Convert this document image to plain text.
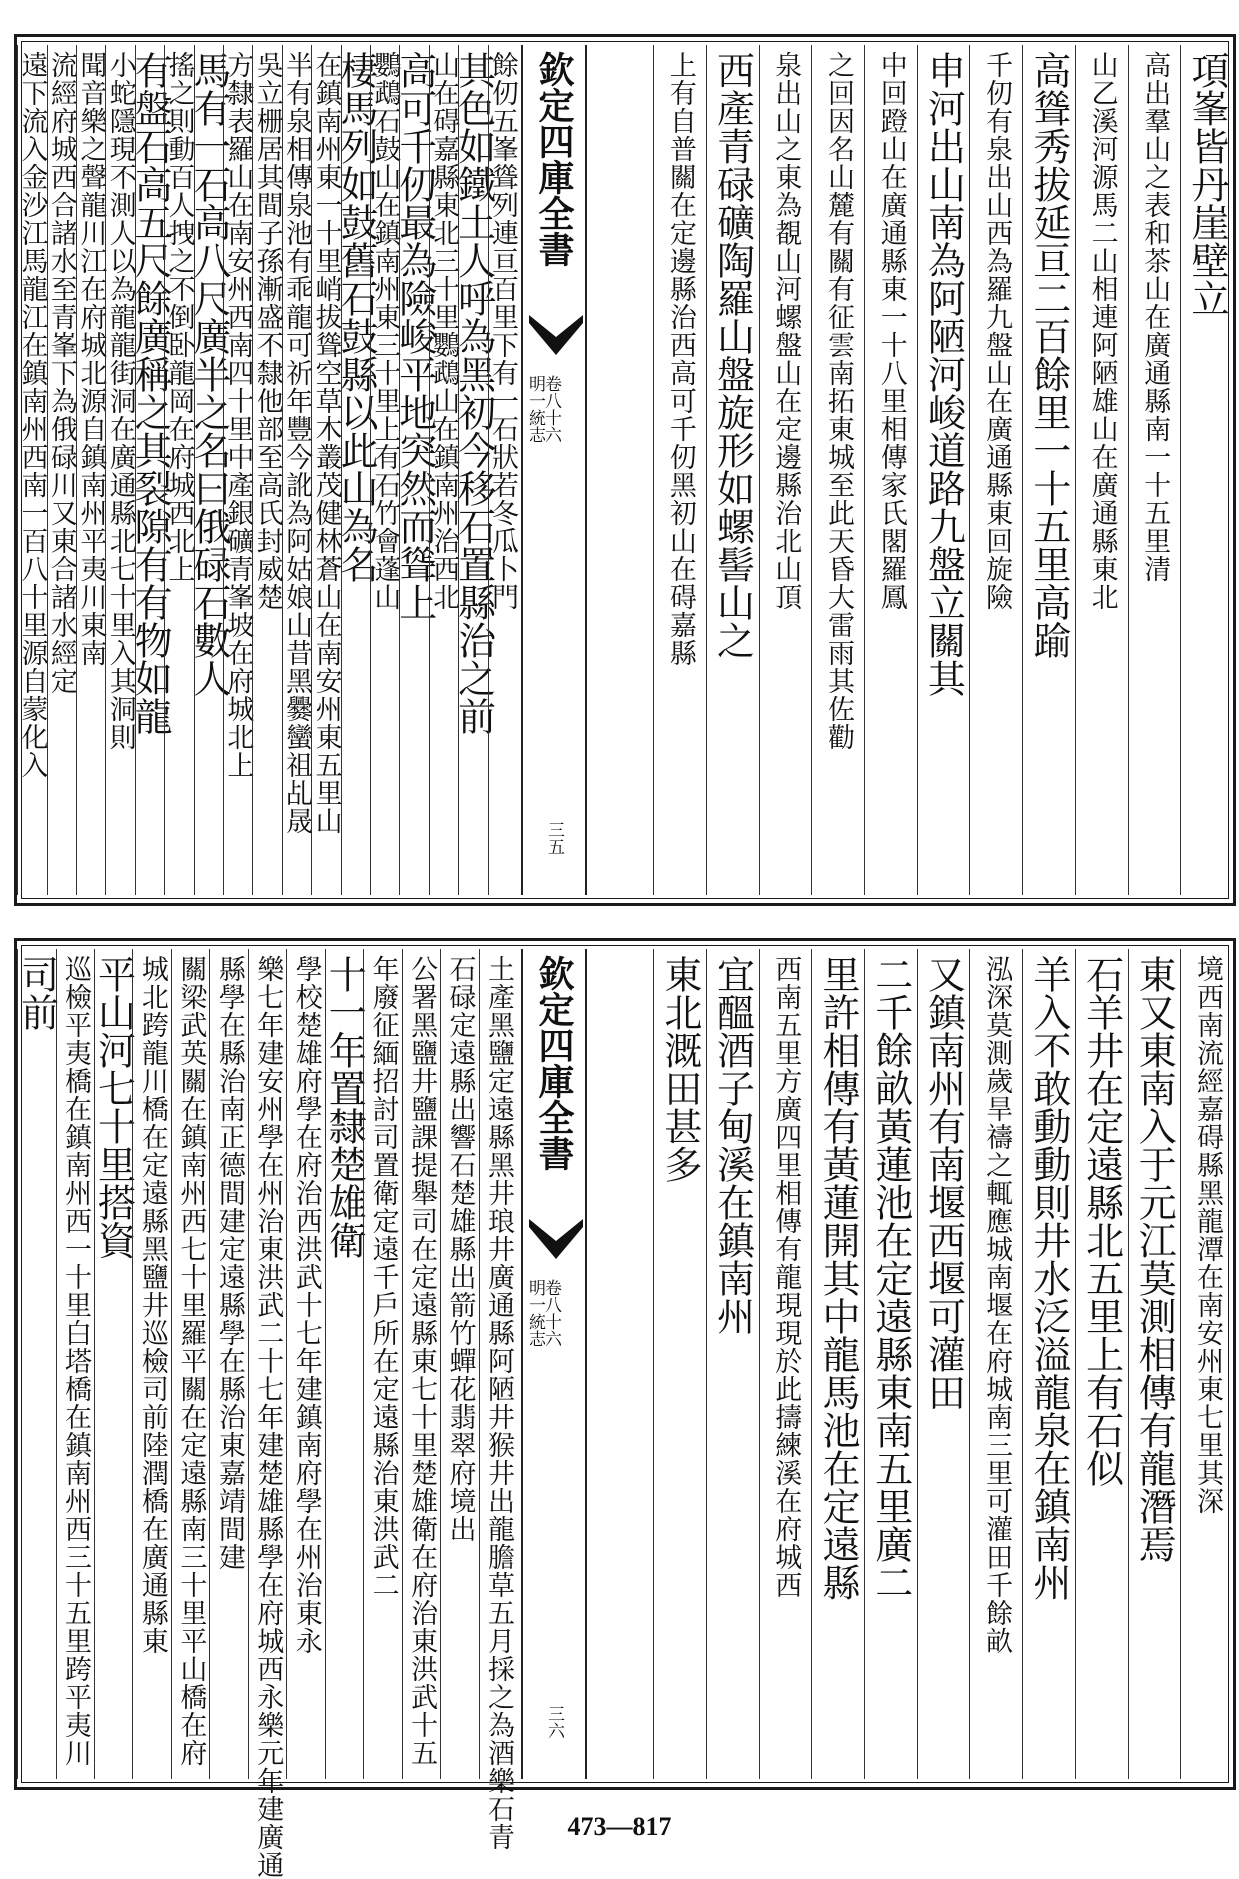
項峯皆丹崖壁立
高出羣山之表和茶山在廣通縣南一十五里清
山乙溪河源馬二山相連阿陋雄山在廣通縣東北
高聳秀拔延亘二百餘里一十五里高踰
千仞有泉出山西為羅九盤山在廣通縣東回旋險
申河出山南為阿陋河峻道路九盤立關其
中回蹬山在廣通縣東一十八里相傳家氏閣羅鳳
之回因名山麓有關有征雲南拓東城至此天昏大雷雨其佐勸
泉出山之東為覩山河螺盤山在定邊縣治北山頂
西產青碌礦陶羅山盤旋形如螺髻山之
上有自普關在定邊縣治西高可千仞黑初山在碍嘉縣
欽定四庫全書
卷八十六
明一統志
三五
餘仞五峯聳列連亘百里下有一石狀若冬瓜卜門
其色如鐵土人呼為黑初今移石置縣治之前
山在碍嘉縣東北三十里鸚鵡山在鎮南州治西北
高可千仞最為險峻平地突然而聳上
鸚鵡石鼓山在鎮南州東三十里上有石竹會蓬山
棲馬列如鼓舊石鼓縣以此山為名
在鎮南州東一十里峭拔聳空草木叢茂健林蒼山在南安州東五里山
半有泉相傳泉池有乖龍可祈年豐今訛為阿姑娘山昔黑爨蠻祖乩晟
吳立栅居其間子孫漸盛不隸他部至高氏封威楚
方隸表羅山在南安州西南四十里中產銀礦青峯坡在府城北上
馬有一石高八尺廣半之名曰俄碌石數人
搖之則動百人拽之不倒卧龍岡在府城西北上
有盤石高五尺餘廣稱之其裂隙有有物如龍
小蛇隱現不測人以為龍龍街洞在廣通縣北七十里入其洞則
聞音樂之聲龍川江在府城北源自鎮南州平夷川東南
流經府城西合諸水至青峯下為俄碌川又東合諸水經定
遠下流入金沙江馬龍江在鎮南州西南一百八十里源自蒙化入
境西南流經嘉碍縣黑龍潭在南安州東七里其深
東又東南入于元江莫測相傳有龍潛焉
石羊井在定遠縣北五里上有石似
羊入不敢動動則井水泛溢龍泉在鎮南州
泓深莫測歲旱禱之輒應城南堰在府城南三里可灌田千餘畝
又鎮南州有南堰西堰可灌田
二千餘畝黃蓮池在定遠縣東南五里廣二
里許相傳有黃蓮開其中龍馬池在定遠縣
西南五里方廣四里相傳有龍現現於此擣練溪在府城西
宜醞酒子甸溪在鎮南州
東北溉田甚多
欽定四庫全書
卷八十六
明一統志
三六
土產黑鹽定遠縣黑井琅井廣通縣阿陋井猴井出龍膽草五月採之為酒樂石青
石碌定遠縣出響石楚雄縣出箭竹蟬花翡翠府境出
公署黑鹽井鹽課提舉司在定遠縣東七十里楚雄衛在府治東洪武十五
年廢征緬招討司置衛定遠千戶所在定遠縣治東洪武二
十一年置隸楚雄衛
學校楚雄府學在府治西洪武十七年建鎮南府學在州治東永
樂七年建安州學在州治東洪武二十七年建楚雄縣學在府城西永樂元年建廣通
縣學在縣治南正德間建定遠縣學在縣治東嘉靖間建
關梁武英關在鎮南州西七十里羅平關在定遠縣南三十里平山橋在府
城北跨龍川橋在定遠縣黑鹽井巡檢司前陸潤橋在廣通縣東
平山河七十里搭資
巡檢平夷橋在鎮南州西一十里白塔橋在鎮南州西三十五里跨平夷川
司前
473—817
